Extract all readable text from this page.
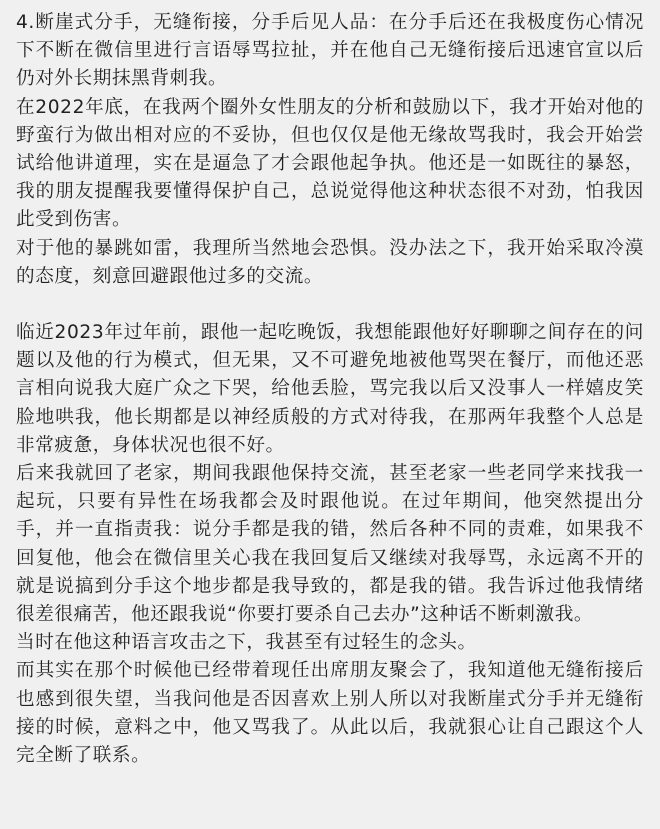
4.断崖式分手，无缝衔接，分手后见人品：在分手后还在我极度伤心情况下不断在微信里进行言语辱骂拉扯，并在他自己无缝衔接后迅速官宣以后仍对外长期抹黑背刺我。

在2022年底，在我两个圈外女性朋友的分析和鼓励以下，我才开始对他的野蛮行为做出相对应的不妥协，但也仅仅是他无缘故骂我时，我会开始尝试给他讲道理，实在是逼急了才会跟他起争执。他还是一如既往的暴怒，我的朋友提醒我要懂得保护自己，总说觉得他这种状态很不对劲，怕我因此受到伤害。

对于他的暴跳如雷，我理所当然地会恐惧。没办法之下，我开始采取冷漠的态度，刻意回避跟他过多的交流。

临近2023年过年前，跟他一起吃晚饭，我想能跟他好好聊聊之间存在的问题以及他的行为模式，但无果，又不可避免地被他骂哭在餐厅，而他还恶言相向说我大庭广众之下哭，给他丢脸，骂完我以后又没事人一样嬉皮笑脸地哄我，他长期都是以神经质般的方式对待我，在那两年我整个人总是非常疲惫，身体状况也很不好。

后来我就回了老家，期间我跟他保持交流，甚至老家一些老同学来找我一起玩，只要有异性在场我都会及时跟他说。在过年期间，他突然提出分手，并一直指责我：说分手都是我的错，然后各种不同的责难，如果我不回复他，他会在微信里关心我在我回复后又继续对我辱骂，永远离不开的就是说搞到分手这个地步都是我导致的，都是我的错。我告诉过他我情绪很差很痛苦，他还跟我说“你要打要杀自己去办”这种话不断刺激我。

当时在他这种语言攻击之下，我甚至有过轻生的念头。

而其实在那个时候他已经带着现任出席朋友聚会了，我知道他无缝衔接后也感到很失望，当我问他是否因喜欢上别人所以对我断崖式分手并无缝衔接的时候，意料之中，他又骂我了。从此以后，我就狠心让自己跟这个人完全断了联系。
